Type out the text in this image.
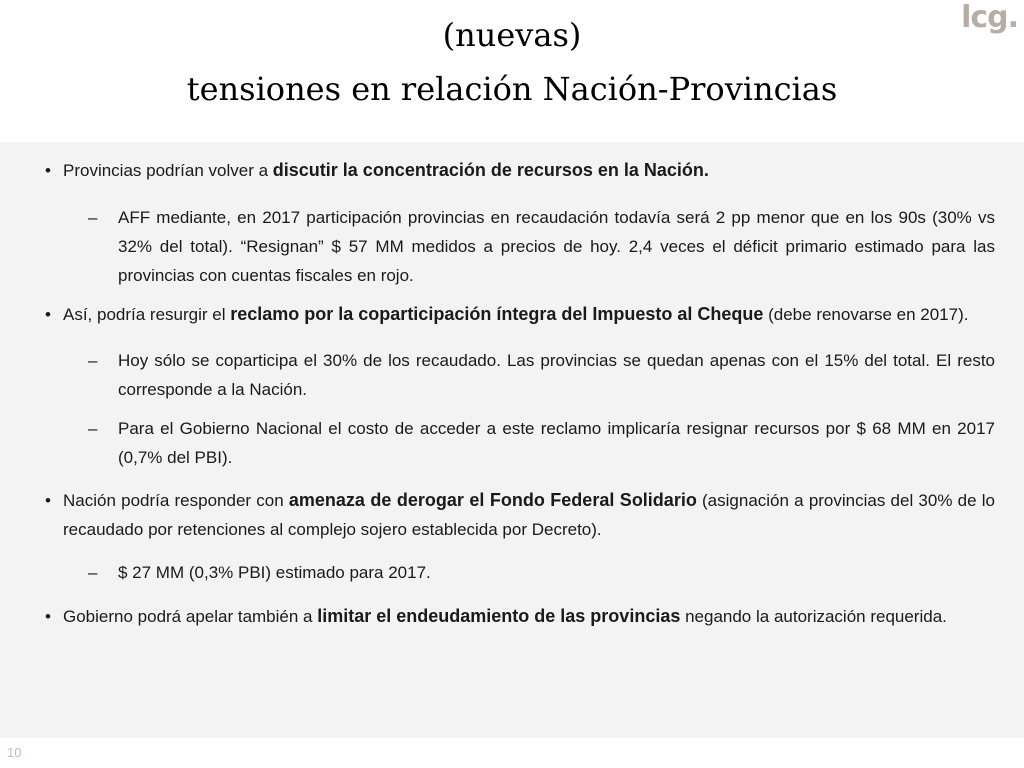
(nuevas)
tensiones en relación Nación-Provincias
lcg.
• Provincias podrían volver a discutir la concentración de recursos en la Nación.
– AFF mediante, en 2017 participación provincias en recaudación todavía será 2 pp menor que en los 90s (30% vs 32% del total). “Resignan” $ 57 MM medidos a precios de hoy. 2,4 veces el déficit primario estimado para las provincias con cuentas fiscales en rojo.
• Así, podría resurgir el reclamo por la coparticipación íntegra del Impuesto al Cheque (debe renovarse en 2017).
– Hoy sólo se coparticipa el 30% de los recaudado. Las provincias se quedan apenas con el 15% del total. El resto corresponde a la Nación.
– Para el Gobierno Nacional el costo de acceder a este reclamo implicaría resignar recursos por $ 68 MM en 2017 (0,7% del PBI).
• Nación podría responder con amenaza de derogar el Fondo Federal Solidario (asignación a provincias del 30% de lo recaudado por retenciones al complejo sojero establecida por Decreto).
– $ 27 MM (0,3% PBI) estimado para 2017.
• Gobierno podrá apelar también a limitar el endeudamiento de las provincias negando la autorización requerida.
10
